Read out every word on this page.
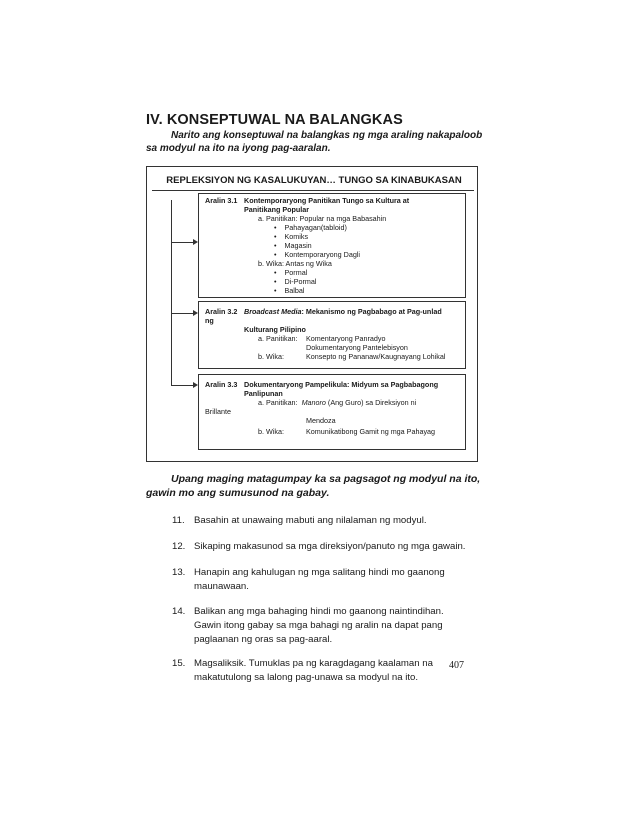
IV. KONSEPTUWAL NA BALANGKAS
Narito ang konseptuwal na balangkas ng mga araling nakapaloob
sa modyul na ito na iyong pag-aaralan.
REPLEKSIYON NG KASALUKUYAN… TUNGO SA KINABUKASAN
Aralin 3.1 Kontemporaryong Panitikan Tungo sa Kultura at
Panitikang Popular
a. Panitikan: Popular na mga Babasahin
•    Pahayagan(tabloid)
•    Komiks
•    Magasin
•    Kontemporaryong Dagli
b. Wika: Antas ng Wika
•    Pormal
•    Di-Pormal
•    Balbal
Aralin 3.2 Broadcast Media: Mekanismo ng Pagbabago at Pag-unlad
ng
Kulturang Pilipino
a. Panitikan: Komentaryong Panradyo
Dokumentaryong Pantelebisyon
b. Wika:	Konsepto ng Pananaw/Kaugnayang Lohikal
Aralin 3.3 Dokumentaryong Pampelikula: Midyum sa Pagbabagong
Panlipunan
a. Panitikan: Manoro (Ang Guro) sa Direksiyon ni
Brillante
Mendoza
b. Wika:	Komunikatibong Gamit ng mga Pahayag
Upang maging matagumpay ka sa pagsagot ng modyul na ito,
gawin mo ang sumusunod na gabay.
11. Basahin at unawaing mabuti ang nilalaman ng modyul.
12. Sikaping makasunod sa mga direksiyon/panuto ng mga gawain.
13. Hanapin ang kahulugan ng mga salitang hindi mo gaanong
maunawaan.
14. Balikan ang mga bahaging hindi mo gaanong naintindihan.
Gawin itong gabay sa mga bahagi ng aralin na dapat pang
paglaanan ng oras sa pag-aaral.
15. Magsaliksik. Tumuklas pa ng karagdagang kaalaman na
makatutulong sa lalong pag-unawa sa modyul na ito.
407
